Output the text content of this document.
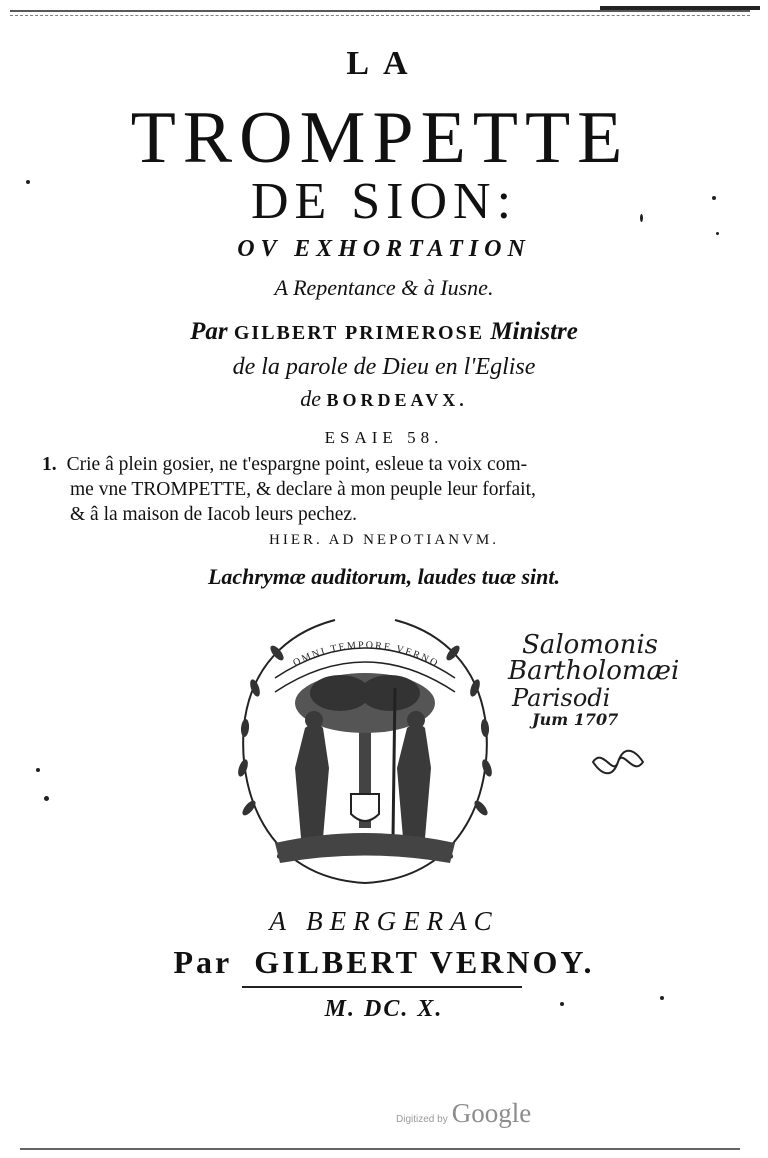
LA
TROMPETTE
DE SION:
OV EXHORTATION
A Repentance & à Iusne.
Par GILBERT PRIMEROSE Ministre
de la parole de Dieu en l'Eglise
de BORDEAVX.
ESAIE 58.
1. Crie â plein gosier, ne t'espargne point, esleue ta voix com-
me vne TROMPETTE, & declare à mon peuple leur forfait,
& â la maison de Iacob leurs pechez.
HIER. AD NEPOTIANVM.
Lachrymæ auditorum, laudes tuæ sint.
OMNI TEMPORE VERNO
Salomonis
Bartholomæi
Parisodi
Jum 1707
A BERGERAC
Par GILBERT VERNOY.
M. DC. X.
Digitized by Google
